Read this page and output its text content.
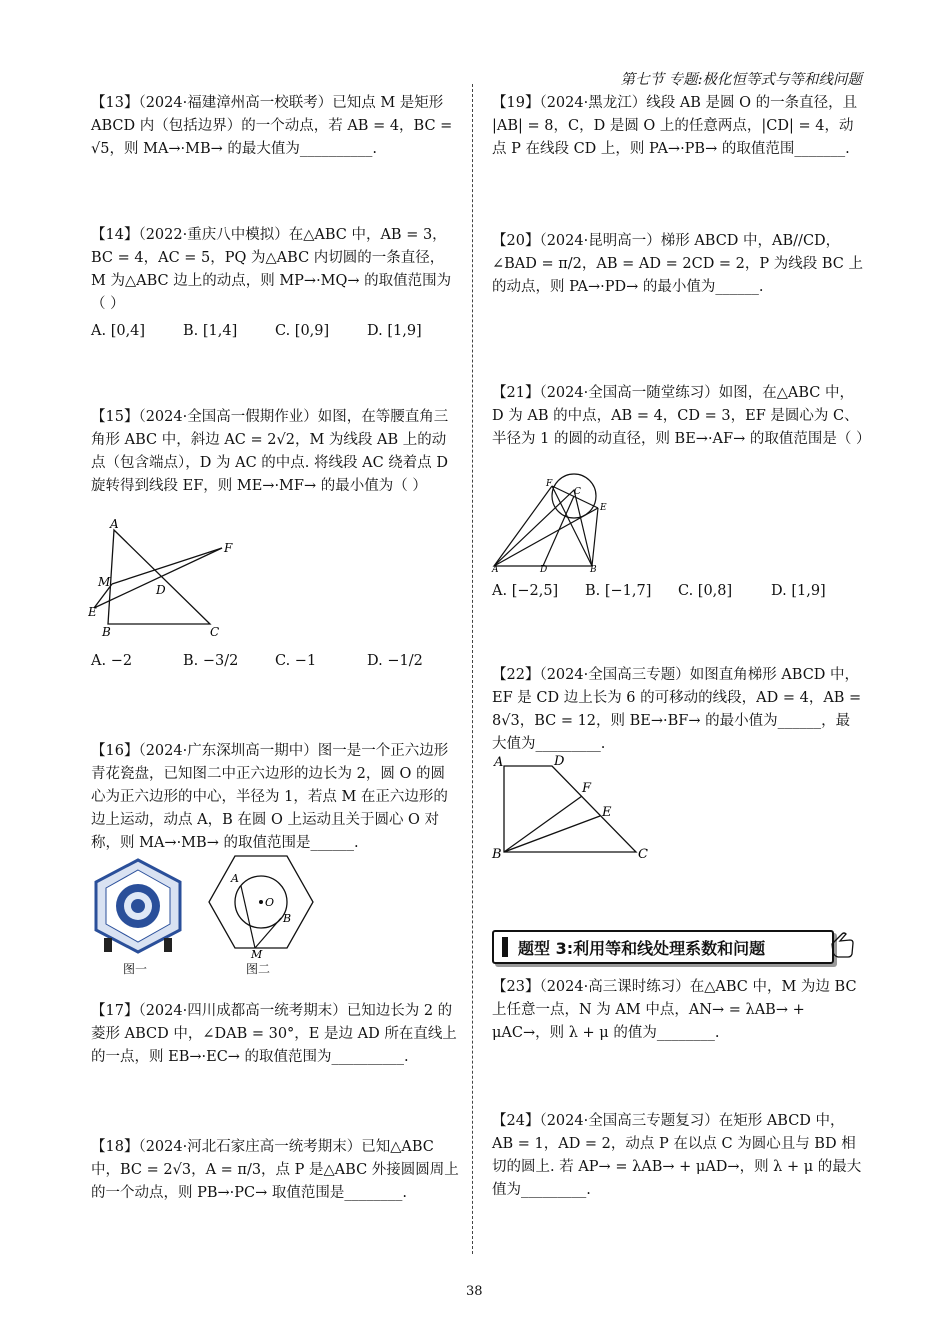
第七节 专题:极化恒等式与等和线问题

【13】（2024·福建漳州高一校联考）已知点 M 是矩形 ABCD 内（包括边界）的一个动点，若 AB = 4，BC = √5，则 MA→·MB→ 的最大值为__________.

【14】（2022·重庆八中模拟）在△ABC 中，AB = 3，BC = 4，AC = 5，PQ 为△ABC 内切圆的一条直径，M 为△ABC 边上的动点，则 MP→·MQ→ 的取值范围为（ ）

A. [0,4]	B. [1,4]	C. [0,9]	D. [1,9]

【15】（2024·全国高一假期作业）如图，在等腰直角三角形 ABC 中，斜边 AC = 2√2，M 为线段 AB 上的动点（包含端点），D 为 AC 的中点. 将线段 AC 绕着点 D 旋转得到线段 EF，则 ME→·MF→ 的最小值为（ ）

A
B	C
D
E
F
M
A. −2	B. −3/2	C. −1	D. −1/2

【16】（2024·广东深圳高一期中）图一是一个正六边形青花瓷盘，已知图二中正六边形的边长为 2，圆 O 的圆心为正六边形的中心，半径为 1，若点 M 在正六边形的边上运动，动点 A，B 在圆 O 上运动且关于圆心 O 对称，则 MA→·MB→ 的取值范围是______.

图一
A
B
M
O
图二

【17】（2024·四川成都高一统考期末）已知边长为 2 的菱形 ABCD 中，∠DAB = 30°，E 是边 AD 所在直线上的一点，则 EB→·EC→ 的取值范围为__________.

【18】（2024·河北石家庄高一统考期末）已知△ABC 中，BC = 2√3，A = π/3，点 P 是△ABC 外接圆圆周上的一个动点，则 PB→·PC→ 取值范围是________.

【19】（2024·黑龙江）线段 AB 是圆 O 的一条直径，且 |AB| = 8，C，D 是圆 O 上的任意两点，|CD| = 4，动点 P 在线段 CD 上，则 PA→·PB→ 的取值范围_______.

【20】（2024·昆明高一）梯形 ABCD 中，AB//CD，∠BAD = π/2，AB = AD = 2CD = 2，P 为线段 BC 上的动点，则 PA→·PD→ 的最小值为______.

【21】（2024·全国高一随堂练习）如图，在△ABC 中，D 为 AB 的中点，AB = 4，CD = 3，EF 是圆心为 C、半径为 1 的圆的动直径，则 BE→·AF→ 的取值范围是（ ）

A	B
C
D
E
F
A. [−2,5]	B. [−1,7]	C. [0,8]	D. [1,9]

【22】（2024·全国高三专题）如图直角梯形 ABCD 中，EF 是 CD 边上长为 6 的可移动的线段，AD = 4，AB = 8√3，BC = 12，则 BE→·BF→ 的最小值为______，最大值为_________.

A
B	C
D
E
F
题型 3:利用等和线处理系数和问题

【23】（2024·高三课时练习）在△ABC 中，M 为边 BC 上任意一点，N 为 AM 中点，AN→ = λAB→ + μAC→，则 λ + μ 的值为________.

【24】（2024·全国高三专题复习）在矩形 ABCD 中，AB = 1，AD = 2，动点 P 在以点 C 为圆心且与 BD 相切的圆上. 若 AP→ = λAB→ + μAD→，则 λ + μ 的最大值为_________.

38
